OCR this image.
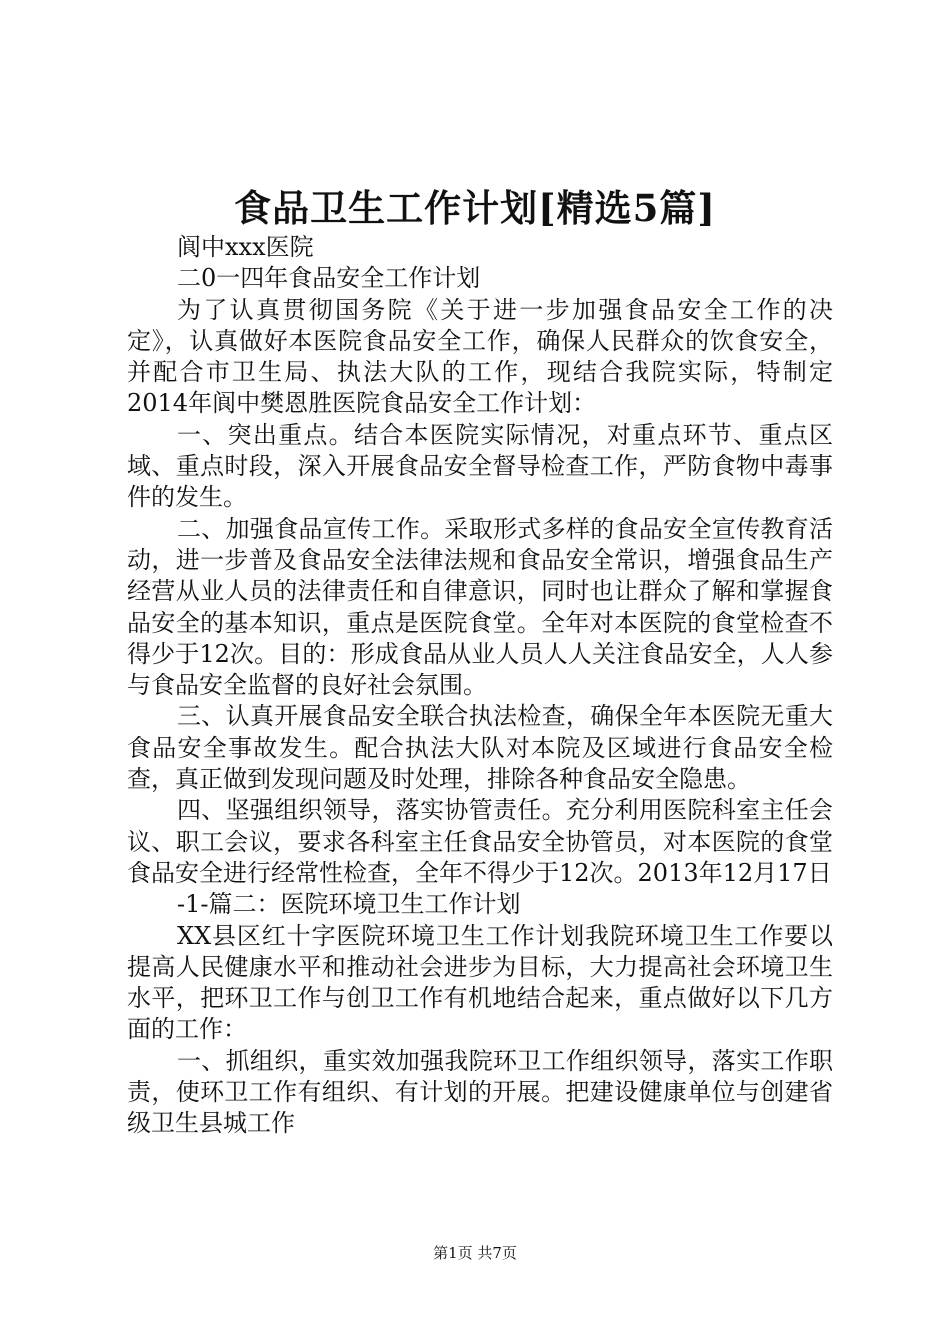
食品卫生工作计划[精选5篇]

阆中xxx医院

二0一四年食品安全工作计划

为了认真贯彻国务院《关于进一步加强食品安全工作的决定》，认真做好本医院食品安全工作，确保人民群众的饮食安全，并配合市卫生局、执法大队的工作，现结合我院实际，特制定2014年阆中樊恩胜医院食品安全工作计划：

一、突出重点。结合本医院实际情况，对重点环节、重点区域、重点时段，深入开展食品安全督导检查工作，严防食物中毒事件的发生。

二、加强食品宣传工作。采取形式多样的食品安全宣传教育活动，进一步普及食品安全法律法规和食品安全常识，增强食品生产经营从业人员的法律责任和自律意识，同时也让群众了解和掌握食品安全的基本知识，重点是医院食堂。全年对本医院的食堂检查不得少于12次。目的：形成食品从业人员人人关注食品安全，人人参与食品安全监督的良好社会氛围。

三、认真开展食品安全联合执法检查，确保全年本医院无重大食品安全事故发生。配合执法大队对本院及区域进行食品安全检查，真正做到发现问题及时处理，排除各种食品安全隐患。

四、坚强组织领导，落实协管责任。充分利用医院科室主任会议、职工会议，要求各科室主任食品安全协管员，对本医院的食堂食品安全进行经常性检查，全年不得少于12次。2013年12月17日

-1-篇二：医院环境卫生工作计划

XX县区红十字医院环境卫生工作计划我院环境卫生工作要以提高人民健康水平和推动社会进步为目标，大力提高社会环境卫生水平，把环卫工作与创卫工作有机地结合起来，重点做好以下几方面的工作：

一、抓组织，重实效加强我院环卫工作组织领导，落实工作职责，使环卫工作有组织、有计划的开展。把建设健康单位与创建省级卫生县城工作

第1页 共7页
